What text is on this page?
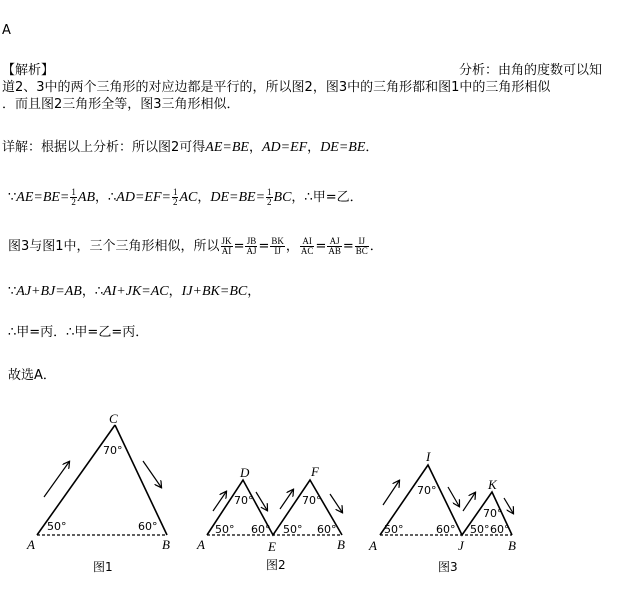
A
【解析】	分析：由角的度数可以知
道2、3中的两个三角形的对应边都是平行的，所以图2，图3中的三角形都和图1中的三角形相似
．而且图2三角形全等，图3三角形相似．
详解：根据以上分析：所以图2可得AE=BE，AD=EF，DE=BE．
∵AE=BE= $\frac{1}{2}$ AB，∴AD=EF= $\frac{1}{2}$ AC，$DE=BE= \frac{1}{2}$ BC，∴甲=乙．
图3与图1中，三个三角形相似，所以 $\frac{JK}{AI} = \frac{JB}{AJ} = \frac{BK}{IJ}$ ， $\frac{AI}{AC} = \frac{AJ}{AB} = \frac{IJ}{BC}$ ．
∵AJ+BJ=AB，∴AI+JK=AC，IJ+BK=BC，
∴甲=丙．∴甲=乙=丙．
故选A．
C
A	B
70°
50°	60°
图1
D	F
A	E	B
70°	70°
50° 60° 50° 60°
图2
I
K
A	J	B
70°
70°
50°	60° 50° 60°
图3
